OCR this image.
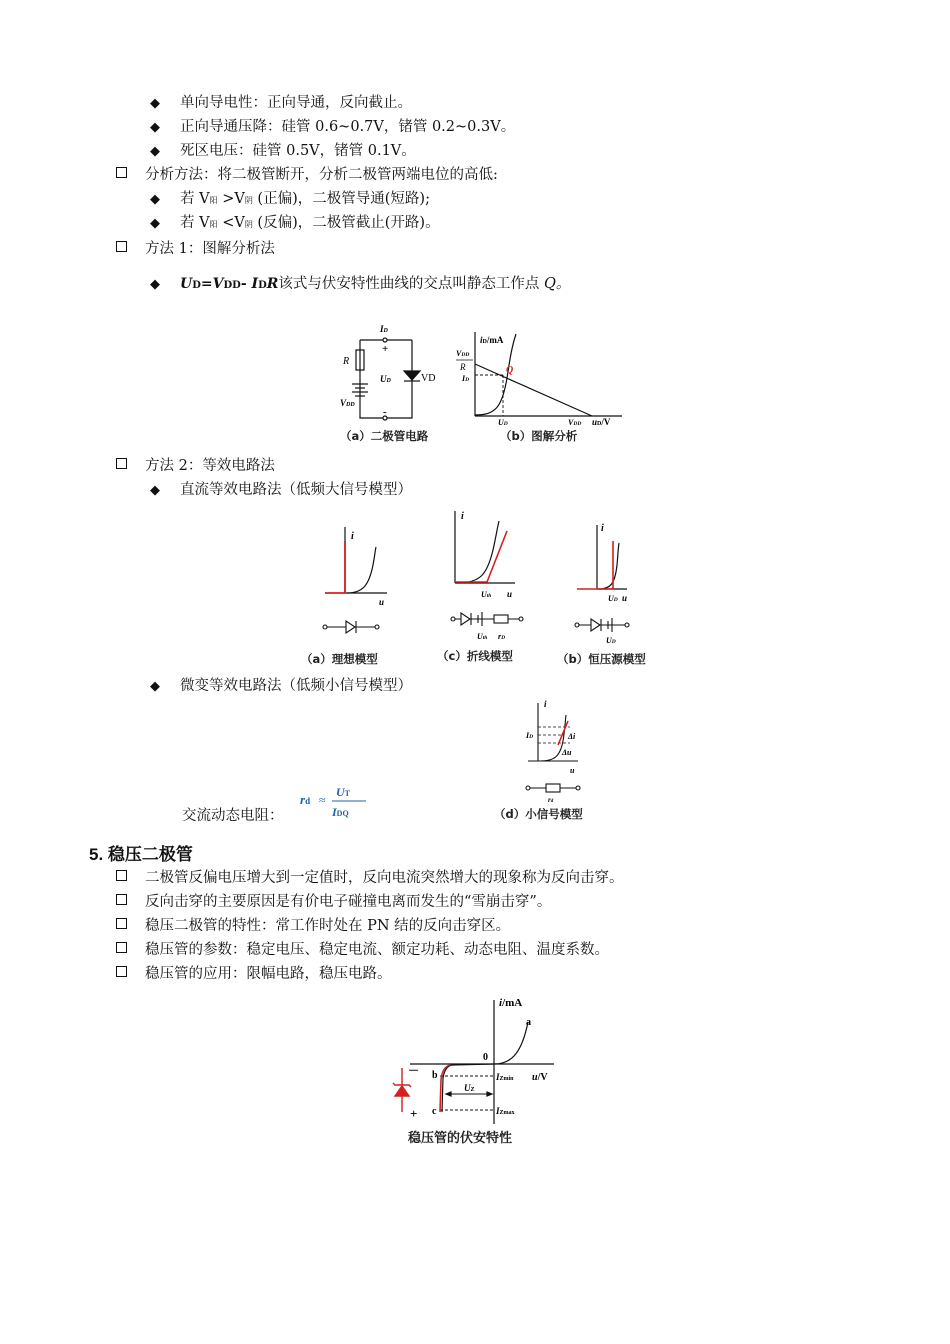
◆ 单向导电性：正向导通，反向截止。
◆ 正向导通压降：硅管 0.6~0.7V，锗管 0.2~0.3V。
◆ 死区电压：硅管 0.5V，锗管 0.1V。
分析方法：将二极管断开，分析二极管两端电位的高低:
◆ 若 V阳 >V阴 (正偏)，二极管导通(短路);
◆ 若 V阳 <V阴 (反偏)，二极管截止(开路)。
方法 1：图解分析法
◆ UD=VDD- IDR该式与伏安特性曲线的交点叫静态工作点 Q。
ID
R
+
-
UD	VD
VDD
iD/mA
VDD
R
ID
Q
UD	VDD uD/V
（a）二极管电路	（b）图解分析
方法 2：等效电路法
◆ 直流等效电路法（低频大信号模型）
i
u
（a）理想模型
i
Uth u
Uth rD
（c）折线模型
i
UD u
UD
（b）恒压源模型
◆ 微变等效电路法（低频小信号模型）
i
ID	Δi
Δu
u
rd
（d）小信号模型
交流动态电阻：
rd ≈
UT
IDQ
5. 稳压二极管
二极管反偏电压增大到一定值时，反向电流突然增大的现象称为反向击穿。
反向击穿的主要原因是有价电子碰撞电离而发生的“雪崩击穿”。
稳压二极管的特性：常工作时处在 PN 结的反向击穿区。
稳压管的参数：稳定电压、稳定电流、额定功耗、动态电阻、温度系数。
稳压管的应用：限幅电路，稳压电路。
i/mA
a
0
b
c
IZmin
IZmax
UZ
u/V
－
+
稳压管的伏安特性
